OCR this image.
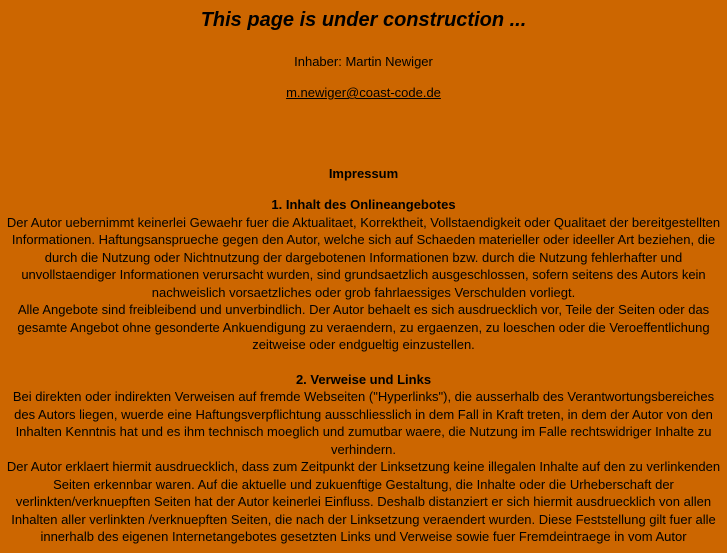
This page is under construction ...
Inhaber: Martin Newiger
m.newiger@coast-code.de
Impressum
1. Inhalt des Onlineangebotes
Der Autor uebernimmt keinerlei Gewaehr fuer die Aktualitaet, Korrektheit, Vollstaendigkeit oder Qualitaet der bereitgestellten Informationen. Haftungsansprueche gegen den Autor, welche sich auf Schaeden materieller oder ideeller Art beziehen, die durch die Nutzung oder Nichtnutzung der dargebotenen Informationen bzw. durch die Nutzung fehlerhafter und unvollstaendiger Informationen verursacht wurden, sind grundsaetzlich ausgeschlossen, sofern seitens des Autors kein nachweislich vorsaetzliches oder grob fahrlaessiges Verschulden vorliegt.
Alle Angebote sind freibleibend und unverbindlich. Der Autor behaelt es sich ausdruecklich vor, Teile der Seiten oder das gesamte Angebot ohne gesonderte Ankuendigung zu veraendern, zu ergaenzen, zu loeschen oder die Veroeffentlichung zeitweise oder endgueltig einzustellen.
2. Verweise und Links
Bei direkten oder indirekten Verweisen auf fremde Webseiten ("Hyperlinks"), die ausserhalb des Verantwortungsbereiches des Autors liegen, wuerde eine Haftungsverpflichtung ausschliesslich in dem Fall in Kraft treten, in dem der Autor von den Inhalten Kenntnis hat und es ihm technisch moeglich und zumutbar waere, die Nutzung im Falle rechtswidriger Inhalte zu verhindern.
Der Autor erklaert hiermit ausdruecklich, dass zum Zeitpunkt der Linksetzung keine illegalen Inhalte auf den zu verlinkenden Seiten erkennbar waren. Auf die aktuelle und zukuenftige Gestaltung, die Inhalte oder die Urheberschaft der verlinkten/verknuepften Seiten hat der Autor keinerlei Einfluss. Deshalb distanziert er sich hiermit ausdruecklich von allen Inhalten aller verlinkten /verknuepften Seiten, die nach der Linksetzung veraendert wurden. Diese Feststellung gilt fuer alle innerhalb des eigenen Internetangebotes gesetzten Links und Verweise sowie fuer Fremdeintraege in vom Autor
